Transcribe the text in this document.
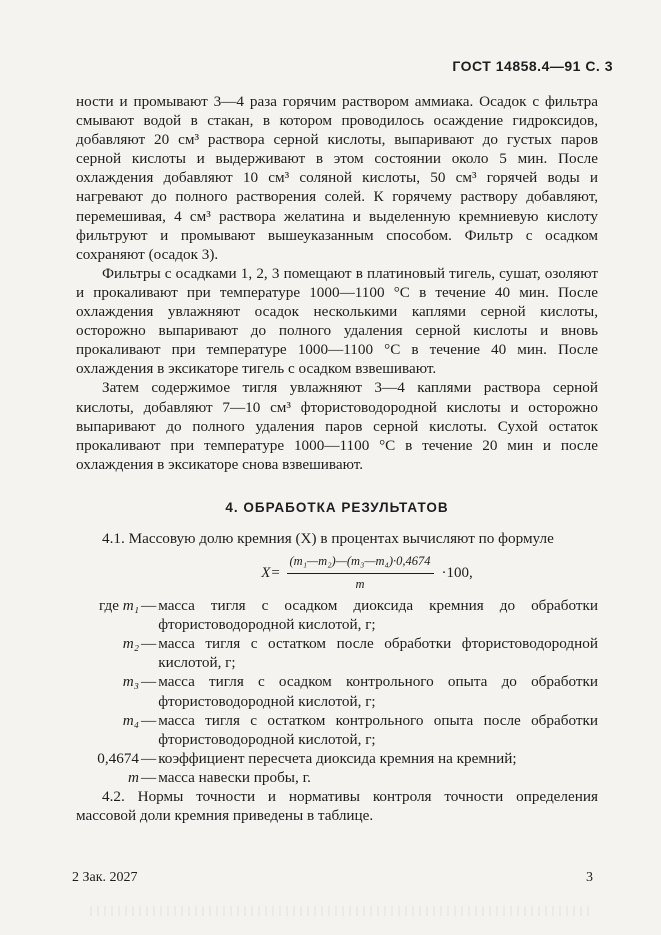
ГОСТ 14858.4—91 С. 3

ности и промывают 3—4 раза горячим раствором аммиака. Осадок с фильтра смывают водой в стакан, в котором проводилось осаждение гидроксидов, добавляют 20 см³ раствора серной кислоты, выпаривают до густых паров серной кислоты и выдерживают в этом состоянии около 5 мин. После охлаждения добавляют 10 см³ соляной кислоты, 50 см³ горячей воды и нагревают до полного растворения солей. К горячему раствору добавляют, перемешивая, 4 см³ раствора желатина и выделенную кремниевую кислоту фильтруют и промывают вышеуказанным способом. Фильтр с осадком сохраняют (осадок 3).

Фильтры с осадками 1, 2, 3 помещают в платиновый тигель, сушат, озоляют и прокаливают при температуре 1000—1100 °С в течение 40 мин. После охлаждения увлажняют осадок несколькими каплями серной кислоты, осторожно выпаривают до полного удаления серной кислоты и вновь прокаливают при температуре 1000—1100 °С в течение 40 мин. После охлаждения в эксикаторе тигель с осадком взвешивают.

Затем содержимое тигля увлажняют 3—4 каплями раствора серной кислоты, добавляют 7—10 см³ фтористоводородной кислоты и осторожно выпаривают до полного удаления паров серной кислоты. Сухой остаток прокаливают при температуре 1000—1100 °С в течение 20 мин и после охлаждения в эксикаторе снова взвешивают.

4. ОБРАБОТКА РЕЗУЛЬТАТОВ

4.1. Массовую долю кремния (X) в процентах вычисляют по формуле

$X= \frac{\text{(m₁—m₂)—(m₃—m₄)·0,4674}}{m} \cdot 100$,
где m₁ — масса тигля с осадком диоксида кремния до обработки фтористоводородной кислотой, г;
m₂ — масса тигля с остатком после обработки фтористоводородной кислотой, г;
m₃ — масса тигля с осадком контрольного опыта до обработки фтористоводородной кислотой, г;
m₄ — масса тигля с остатком контрольного опыта после обработки фтористоводородной кислотой, г;
0,4674 — коэффициент пересчета диоксида кремния на кремний;
m — масса навески пробы, г.

4.2. Нормы точности и нормативы контроля точности определения массовой доли кремния приведены в таблице.

2 Зак. 2027	3
